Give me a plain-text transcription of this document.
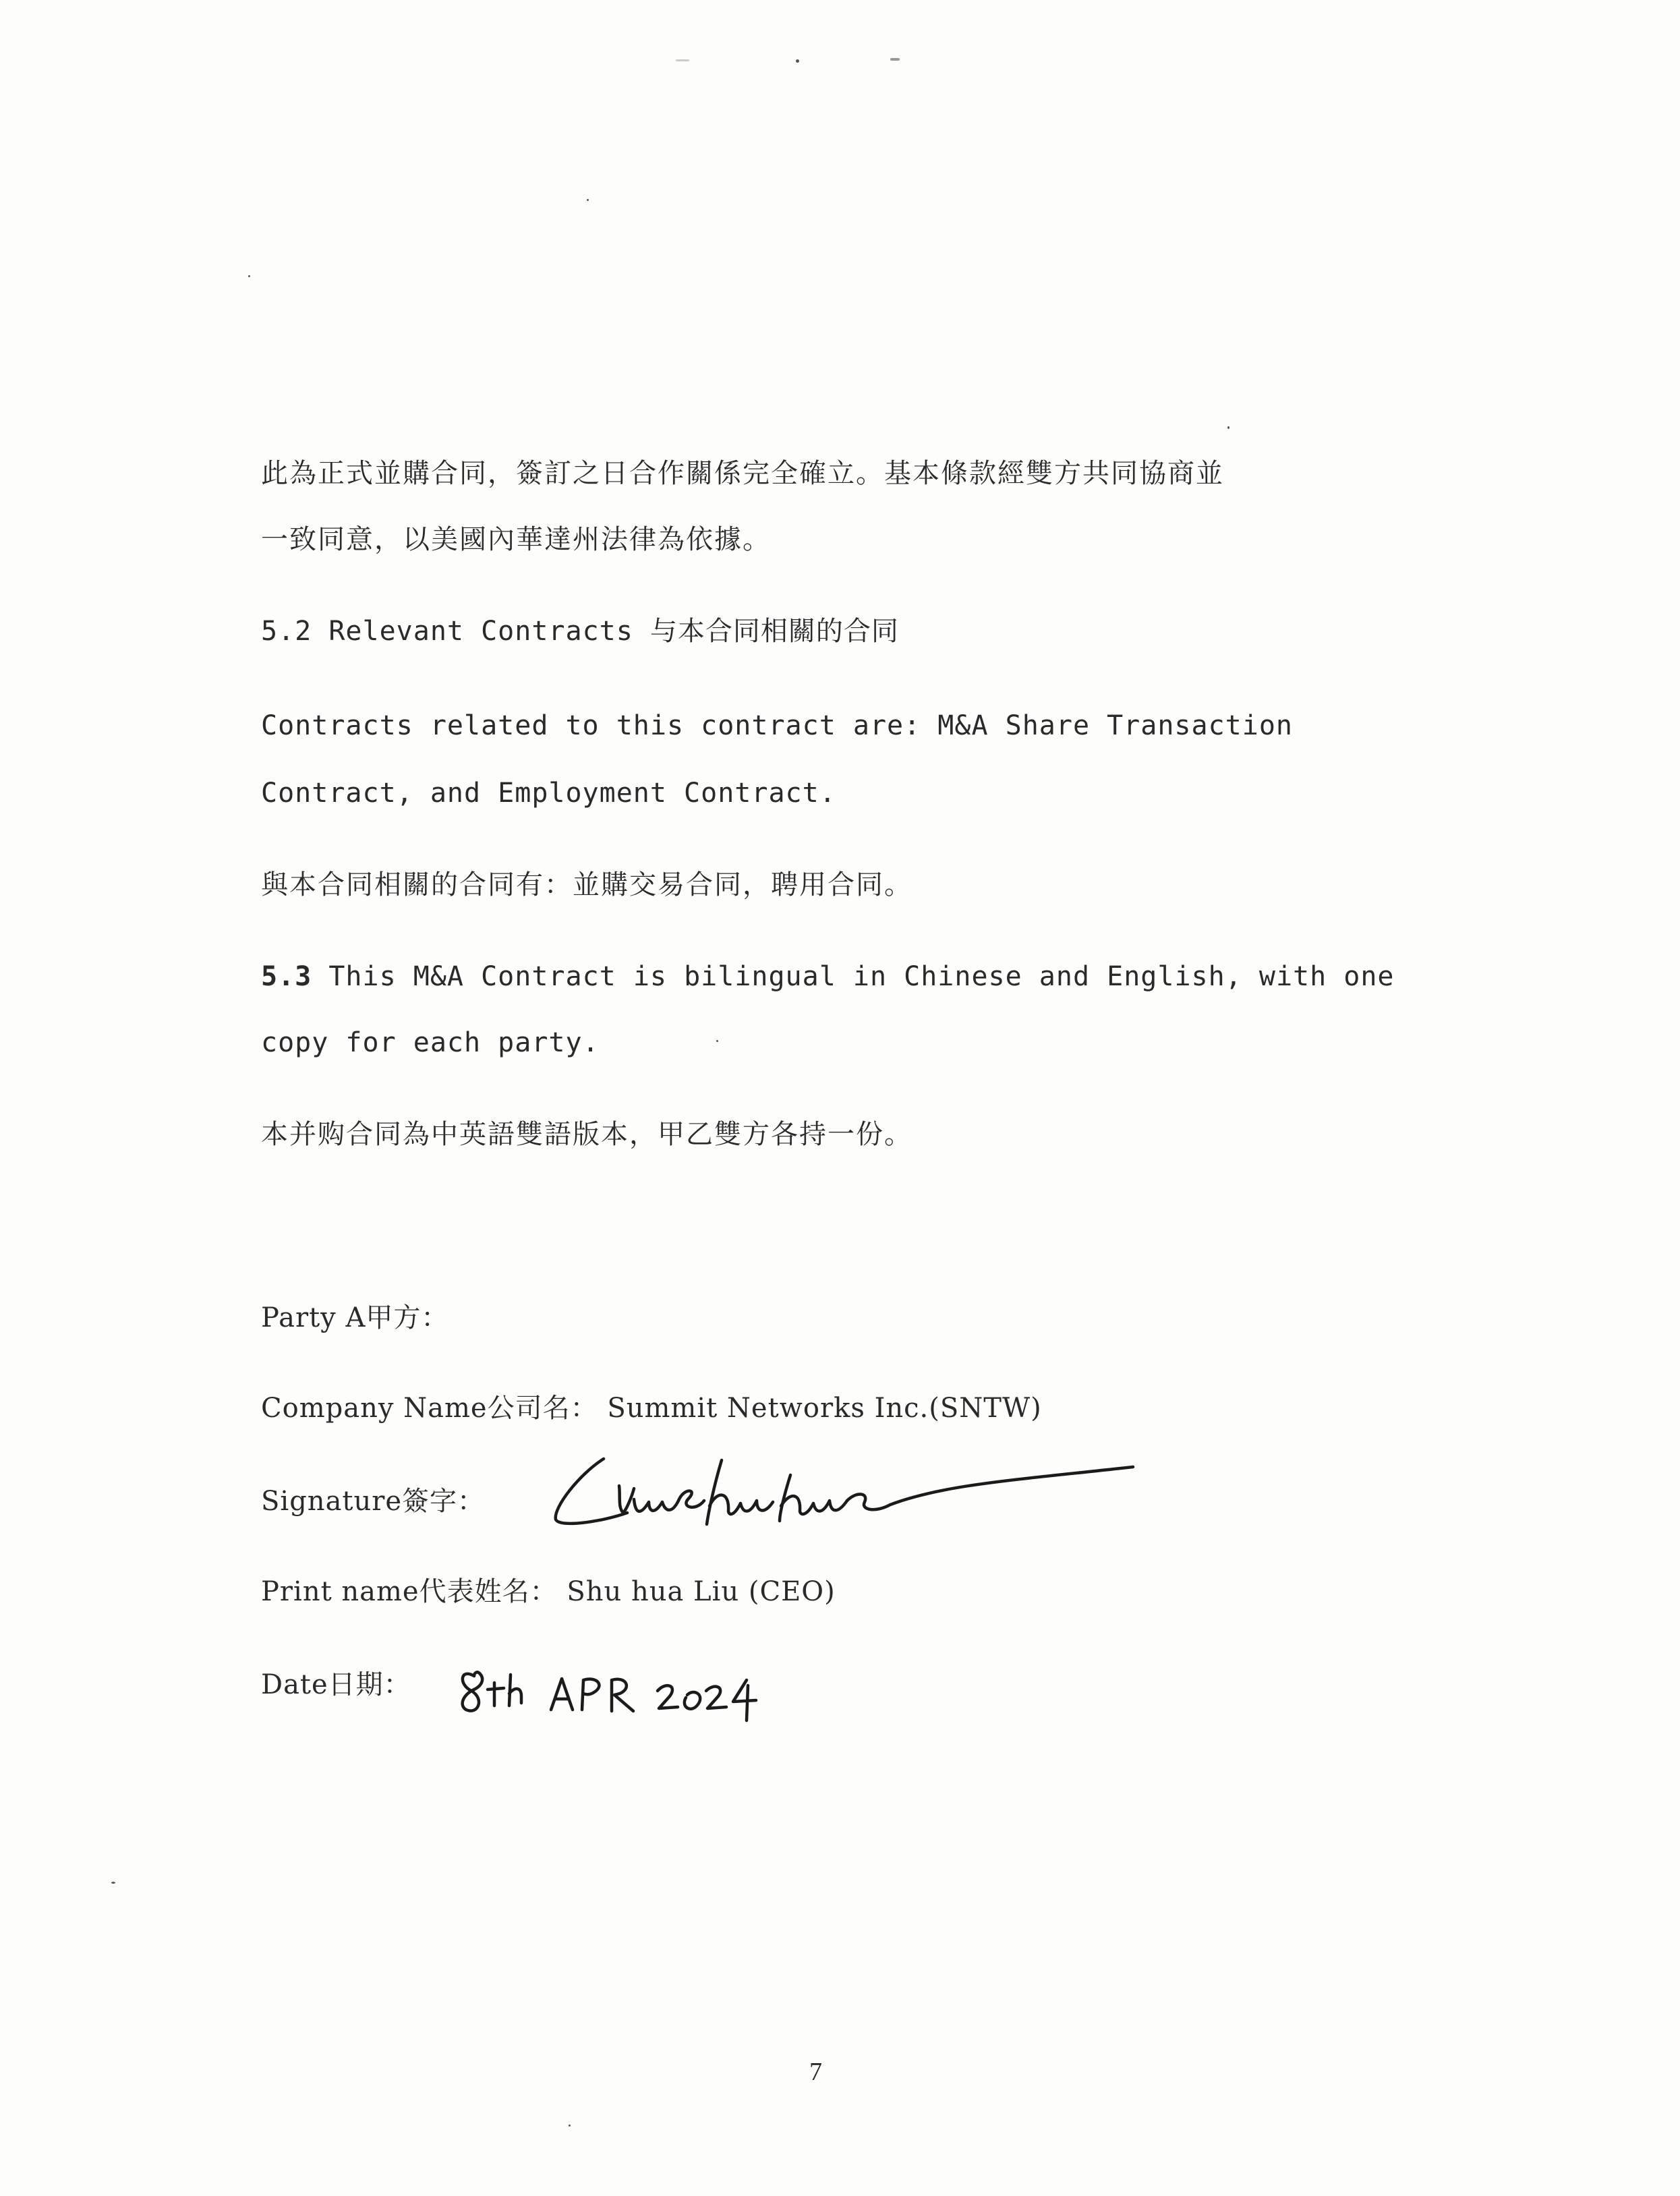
此為正式並購合同，簽訂之日合作關係完全確立。基本條款經雙方共同協商並
一致同意，以美國內華達州法律為依據。
5.2 Relevant Contracts 与本合同相關的合同
Contracts related to this contract are: M&A Share Transaction
Contract, and Employment Contract.
與本合同相關的合同有：並購交易合同，聘用合同。
5.3 This M&A Contract is bilingual in Chinese and English, with one
copy for each party.
本并购合同為中英語雙語版本，甲乙雙方各持一份。
Party A甲方：
Company Name公司名： Summit Networks Inc.(SNTW)
Signature簽字：
Print name代表姓名： Shu hua Liu (CEO)
Date日期：
7
